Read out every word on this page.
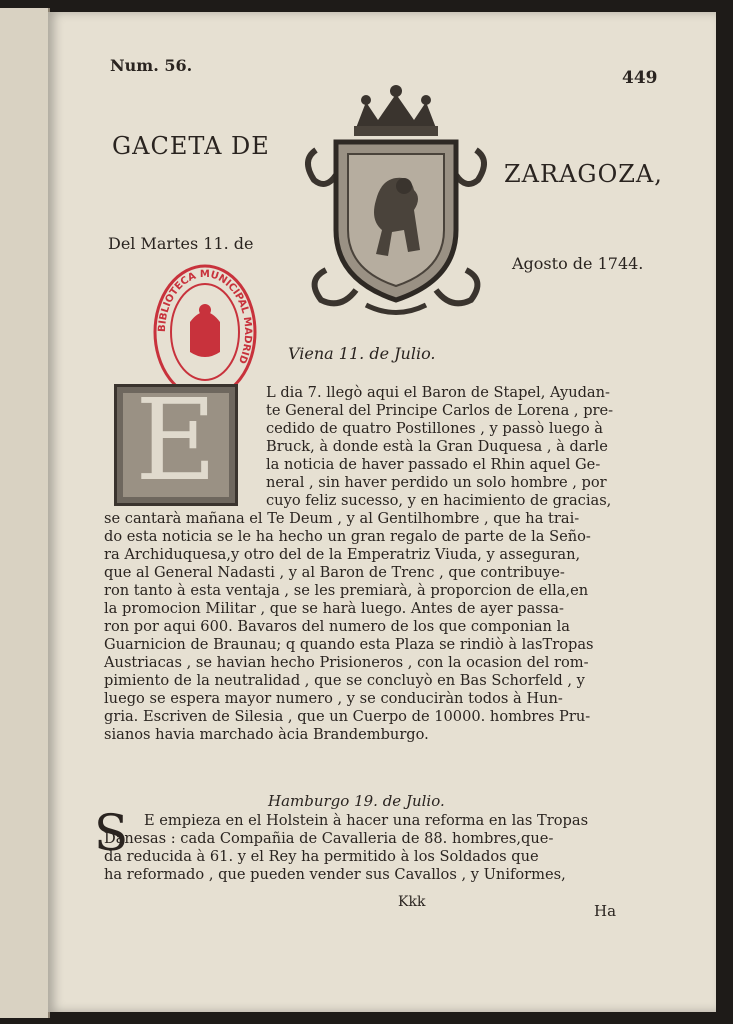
Num. 56.
449
GACETA DE
ZARAGOZA,
Del Martes 11. de
Agosto de 1744.
BIBLIOTECA MUNICIPAL MADRID Viena 11. de Julio.
E	L dia 7. llegò aqui el Baron de Stapel, Ayudan-
te General del Principe Carlos de Lorena , pre-
cedido de quatro Postillones , y passò luego à
Bruck, à donde està la Gran Duquesa , à darle
la noticia de haver passado el Rhin aquel Ge-
neral , sin haver perdido un solo hombre , por
cuyo feliz sucesso, y en hacimiento de gracias,
se cantarà mañana el Te Deum , y al Gentilhombre , que ha trai-
do esta noticia se le ha hecho un gran regalo de parte de la Seño-
ra Archiduquesa,y otro del de la Emperatriz Viuda, y asseguran,
que al General Nadasti , y al Baron de Trenc , que contribuye-
ron tanto à esta ventaja , se les premiarà, à proporcion de ella,en
la promocion Militar , que se harà luego. Antes de ayer passa-
ron por aqui 600. Bavaros del numero de los que componian la
Guarnicion de Braunau; q quando esta Plaza se rindiò à lasTropas
Austriacas , se havian hecho Prisioneros , con la ocasion del rom-
pimiento de la neutralidad , que se concluyò en Bas Schorfeld , y
luego se espera mayor numero , y se conduciràn todos à Hun-
gria. Escriven de Silesia , que un Cuerpo de 10000. hombres Pru-
sianos havia marchado àcia Brandemburgo.
Hamburgo 19. de Julio.
S E empieza en el Holstein à hacer una reforma en las Tropas
Danesas : cada Compañia de Cavalleria de 88. hombres,que-
da reducida à 61. y el Rey ha permitido à los Soldados que
ha reformado , que pueden vender sus Cavallos , y Uniformes,
Kkk	Ha
